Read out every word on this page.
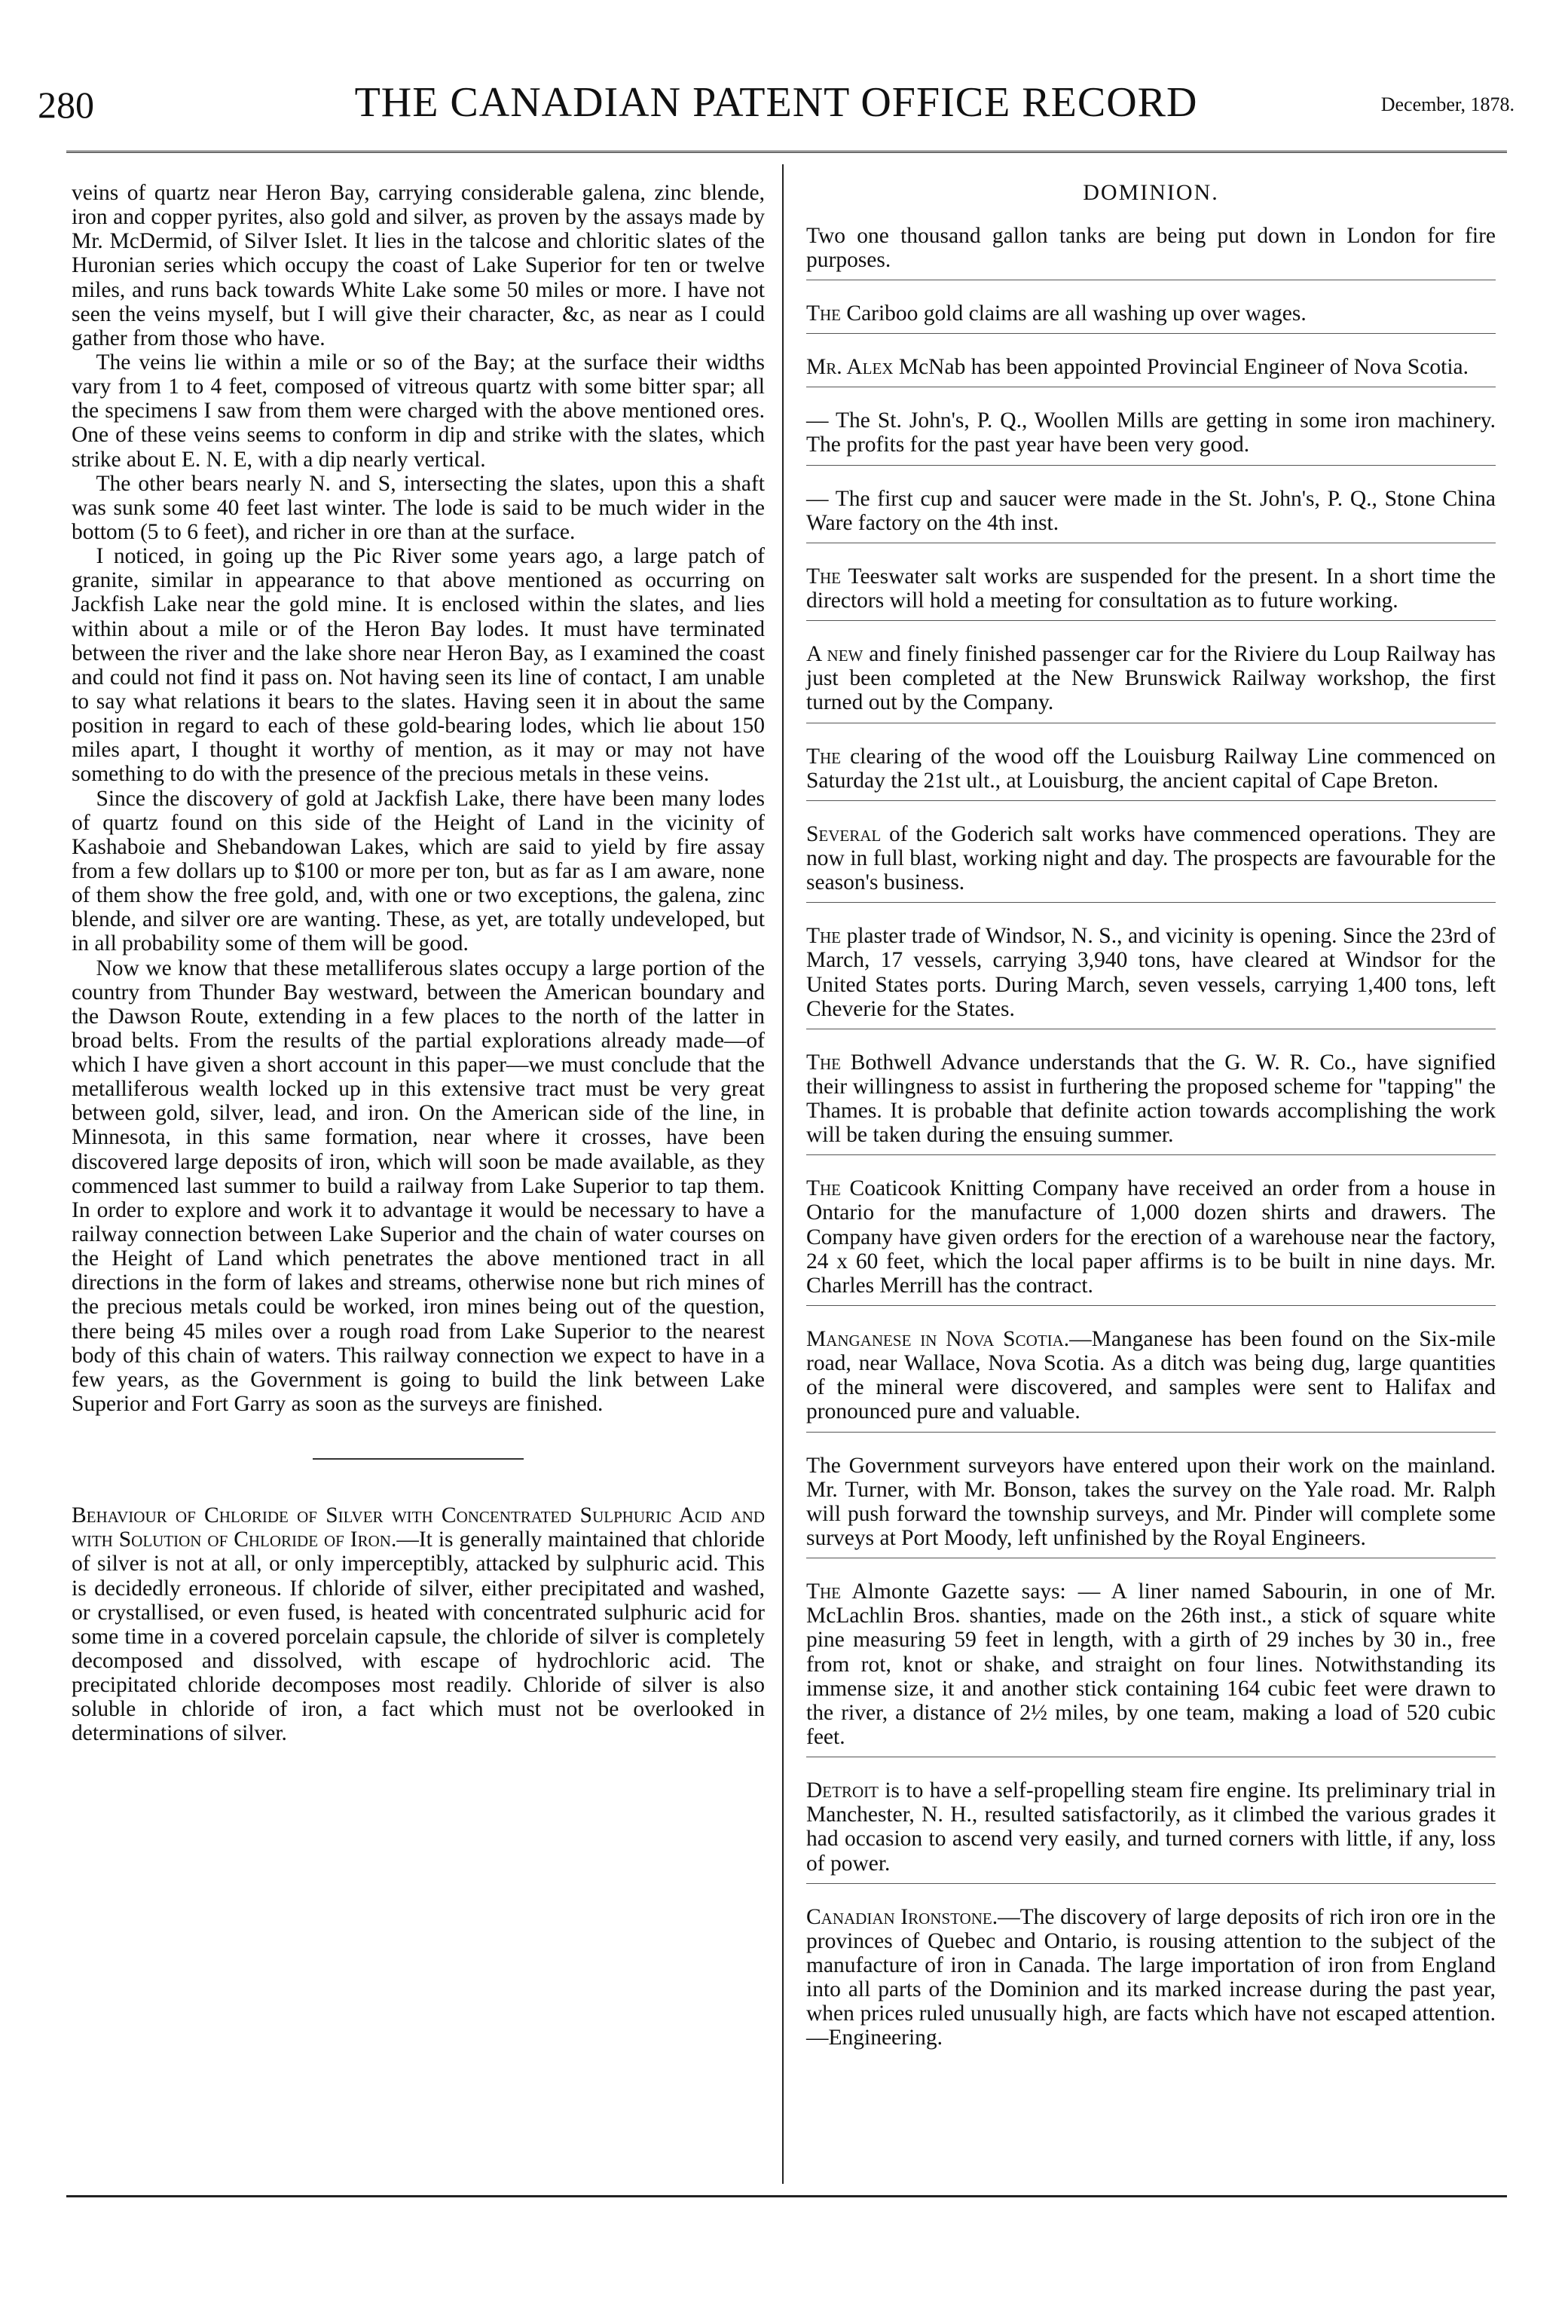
280	THE CANADIAN PATENT OFFICE RECORD	December, 1878.

veins of quartz near Heron Bay, carrying considerable galena, zinc blende, iron and copper pyrites, also gold and silver, as proven by the assays made by Mr. McDermid, of Silver Islet. It lies in the talcose and chloritic slates of the Huronian series which occupy the coast of Lake Superior for ten or twelve miles, and runs back towards White Lake some 50 miles or more. I have not seen the veins myself, but I will give their character, &c, as near as I could gather from those who have.

The veins lie within a mile or so of the Bay; at the surface their widths vary from 1 to 4 feet, composed of vitreous quartz with some bitter spar; all the specimens I saw from them were charged with the above mentioned ores. One of these veins seems to conform in dip and strike with the slates, which strike about E. N. E, with a dip nearly vertical.

The other bears nearly N. and S, intersecting the slates, upon this a shaft was sunk some 40 feet last winter. The lode is said to be much wider in the bottom (5 to 6 feet), and richer in ore than at the surface.

I noticed, in going up the Pic River some years ago, a large patch of granite, similar in appearance to that above mentioned as occurring on Jackfish Lake near the gold mine. It is enclosed within the slates, and lies within about a mile or of the Heron Bay lodes. It must have terminated between the river and the lake shore near Heron Bay, as I examined the coast and could not find it pass on. Not having seen its line of contact, I am unable to say what relations it bears to the slates. Having seen it in about the same position in regard to each of these gold-bearing lodes, which lie about 150 miles apart, I thought it worthy of mention, as it may or may not have something to do with the presence of the precious metals in these veins.

Since the discovery of gold at Jackfish Lake, there have been many lodes of quartz found on this side of the Height of Land in the vicinity of Kashaboie and Shebandowan Lakes, which are said to yield by fire assay from a few dollars up to $100 or more per ton, but as far as I am aware, none of them show the free gold, and, with one or two exceptions, the galena, zinc blende, and silver ore are wanting. These, as yet, are totally undeveloped, but in all probability some of them will be good.

Now we know that these metalliferous slates occupy a large portion of the country from Thunder Bay westward, between the American boundary and the Dawson Route, extending in a few places to the north of the latter in broad belts. From the results of the partial explorations already made—of which I have given a short account in this paper—we must conclude that the metalliferous wealth locked up in this extensive tract must be very great between gold, silver, lead, and iron. On the American side of the line, in Minnesota, in this same formation, near where it crosses, have been discovered large deposits of iron, which will soon be made available, as they commenced last summer to build a railway from Lake Superior to tap them. In order to explore and work it to advantage it would be necessary to have a railway connection between Lake Superior and the chain of water courses on the Height of Land which penetrates the above mentioned tract in all directions in the form of lakes and streams, otherwise none but rich mines of the precious metals could be worked, iron mines being out of the question, there being 45 miles over a rough road from Lake Superior to the nearest body of this chain of waters. This railway connection we expect to have in a few years, as the Government is going to build the link between Lake Superior and Fort Garry as soon as the surveys are finished.

Behaviour of Chloride of Silver with Concentrated Sulphuric Acid and with Solution of Chloride of Iron.—It is generally maintained that chloride of silver is not at all, or only imperceptibly, attacked by sulphuric acid. This is decidedly erroneous. If chloride of silver, either precipitated and washed, or crystallised, or even fused, is heated with concentrated sulphuric acid for some time in a covered porcelain capsule, the chloride of silver is completely decomposed and dissolved, with escape of hydrochloric acid. The precipitated chloride decomposes most readily. Chloride of silver is also soluble in chloride of iron, a fact which must not be overlooked in determinations of silver.

DOMINION.

Two one thousand gallon tanks are being put down in London for fire purposes.

The Cariboo gold claims are all washing up over wages.

Mr. Alex McNab has been appointed Provincial Engineer of Nova Scotia.

— The St. John's, P. Q., Woollen Mills are getting in some iron machinery. The profits for the past year have been very good.

— The first cup and saucer were made in the St. John's, P. Q., Stone China Ware factory on the 4th inst.

The Teeswater salt works are suspended for the present. In a short time the directors will hold a meeting for consultation as to future working.

A new and finely finished passenger car for the Riviere du Loup Railway has just been completed at the New Brunswick Railway workshop, the first turned out by the Company.

The clearing of the wood off the Louisburg Railway Line commenced on Saturday the 21st ult., at Louisburg, the ancient capital of Cape Breton.

Several of the Goderich salt works have commenced operations. They are now in full blast, working night and day. The prospects are favourable for the season's business.

The plaster trade of Windsor, N. S., and vicinity is opening. Since the 23rd of March, 17 vessels, carrying 3,940 tons, have cleared at Windsor for the United States ports. During March, seven vessels, carrying 1,400 tons, left Cheverie for the States.

The Bothwell Advance understands that the G. W. R. Co., have signified their willingness to assist in furthering the proposed scheme for "tapping" the Thames. It is probable that definite action towards accomplishing the work will be taken during the ensuing summer.

The Coaticook Knitting Company have received an order from a house in Ontario for the manufacture of 1,000 dozen shirts and drawers. The Company have given orders for the erection of a warehouse near the factory, 24 x 60 feet, which the local paper affirms is to be built in nine days. Mr. Charles Merrill has the contract.

Manganese in Nova Scotia.—Manganese has been found on the Six-mile road, near Wallace, Nova Scotia. As a ditch was being dug, large quantities of the mineral were discovered, and samples were sent to Halifax and pronounced pure and valuable.

The Government surveyors have entered upon their work on the mainland. Mr. Turner, with Mr. Bonson, takes the survey on the Yale road. Mr. Ralph will push forward the township surveys, and Mr. Pinder will complete some surveys at Port Moody, left unfinished by the Royal Engineers.

The Almonte Gazette says: — A liner named Sabourin, in one of Mr. McLachlin Bros. shanties, made on the 26th inst., a stick of square white pine measuring 59 feet in length, with a girth of 29 inches by 30 in., free from rot, knot or shake, and straight on four lines. Notwithstanding its immense size, it and another stick containing 164 cubic feet were drawn to the river, a distance of 2½ miles, by one team, making a load of 520 cubic feet.

Detroit is to have a self-propelling steam fire engine. Its preliminary trial in Manchester, N. H., resulted satisfactorily, as it climbed the various grades it had occasion to ascend very easily, and turned corners with little, if any, loss of power.

Canadian Ironstone.—The discovery of large deposits of rich iron ore in the provinces of Quebec and Ontario, is rousing attention to the subject of the manufacture of iron in Canada. The large importation of iron from England into all parts of the Dominion and its marked increase during the past year, when prices ruled unusually high, are facts which have not escaped attention.—Engineering.
